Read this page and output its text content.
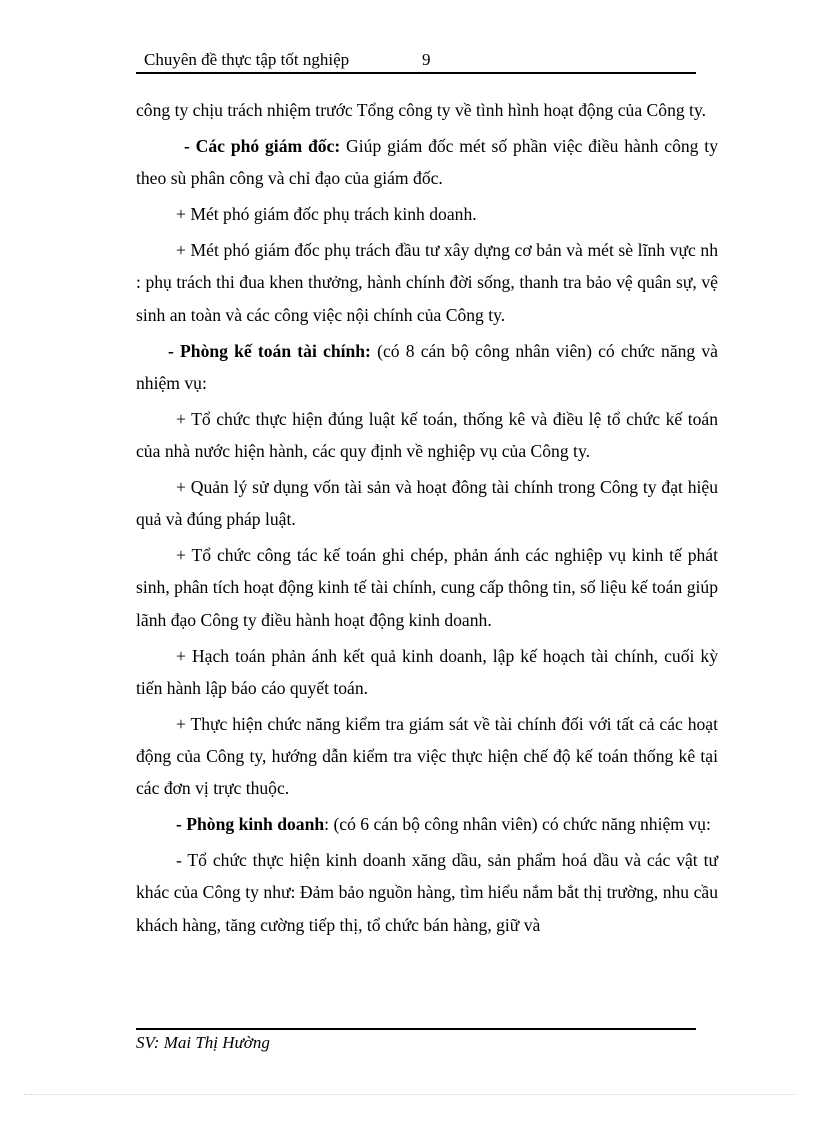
Chuyên đề thực tập tốt nghiệp	9

công ty chịu trách nhiệm trước Tổng công ty về tình hình hoạt động của Công ty.

- Các phó giám đốc: Giúp giám đốc mét số phần việc điều hành công ty theo sù phân công và chỉ đạo của giám đốc.

+ Mét phó giám đốc phụ trách kinh doanh.

+ Mét phó giám đốc phụ trách đầu tư xây dựng cơ bản và mét sè lĩnh vực nh : phụ trách thi đua khen thưởng, hành chính đời sống, thanh tra bảo vệ quân sự, vệ sinh an toàn và các công việc nội chính của Công ty.

- Phòng kế toán tài chính: (có 8 cán bộ công nhân viên) có chức năng và nhiệm vụ:

+ Tổ chức thực hiện đúng luật kế toán, thống kê và điều lệ tổ chức kế toán của nhà nước hiện hành, các quy định về nghiệp vụ của Công ty.

+ Quản lý sử dụng vốn tài sản và hoạt đông tài chính trong Công ty đạt hiệu quả và đúng pháp luật.

+ Tổ chức công tác kế toán ghi chép, phản ánh các nghiệp vụ kinh tế phát sinh, phân tích hoạt động kinh tế tài chính, cung cấp thông tin, số liệu kế toán giúp lãnh đạo Công ty điều hành hoạt động kinh doanh.

+ Hạch toán phản ánh kết quả kinh doanh, lập kế hoạch tài chính, cuối kỳ tiến hành lập báo cáo quyết toán.

+ Thực hiện chức năng kiểm tra giám sát về tài chính đối với tất cả các hoạt động của Công ty, hướng dẫn kiểm tra việc thực hiện chế độ kế toán thống kê tại các đơn vị trực thuộc.

- Phòng kinh doanh: (có 6 cán bộ công nhân viên) có chức năng nhiệm vụ:

- Tổ chức thực hiện kinh doanh xăng dầu, sản phẩm hoá dầu và các vật tư khác của Công ty như: Đảm bảo nguồn hàng, tìm hiểu nắm bắt thị trường, nhu cầu khách hàng, tăng cường tiếp thị, tổ chức bán hàng, giữ và

SV: Mai Thị Hường
